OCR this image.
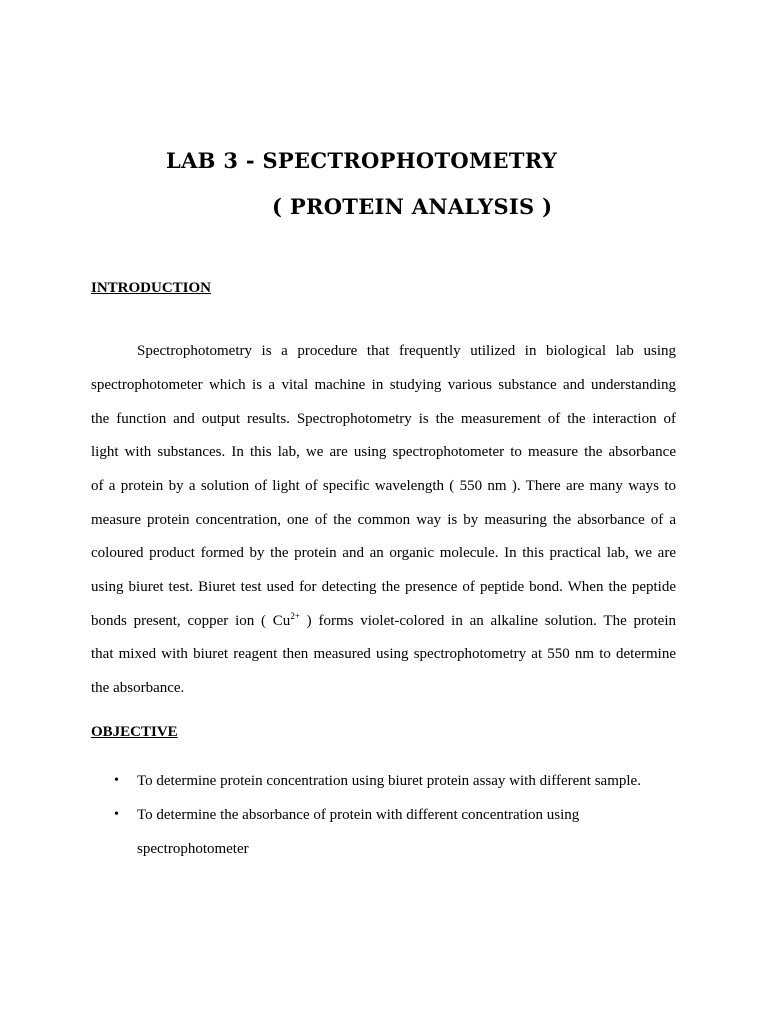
LAB 3 - SPECTROPHOTOMETRY
( PROTEIN ANALYSIS )
INTRODUCTION
Spectrophotometry is a procedure that frequently utilized in biological lab using
spectrophotometer which is a vital machine in studying various substance and understanding
the function and output results. Spectrophotometry is the measurement of the interaction of
light with substances. In this lab, we are using spectrophotometer to measure the absorbance
of a protein by a solution of light of specific wavelength ( 550 nm ). There are many ways to
measure protein concentration, one of the common way is by measuring the absorbance of a
coloured product formed by the protein and an organic molecule. In this practical lab, we are
using biuret test. Biuret test used for detecting the presence of peptide bond. When the peptide
bonds present, copper ion ( $Cu^{2+}$ ) forms violet-colored in an alkaline solution. The protein
that mixed with biuret reagent then measured using spectrophotometry at 550 nm to determine
the absorbance.
OBJECTIVE
• To determine protein concentration using biuret protein assay with different sample.
• To determine the absorbance of protein with different concentration using
spectrophotometer
